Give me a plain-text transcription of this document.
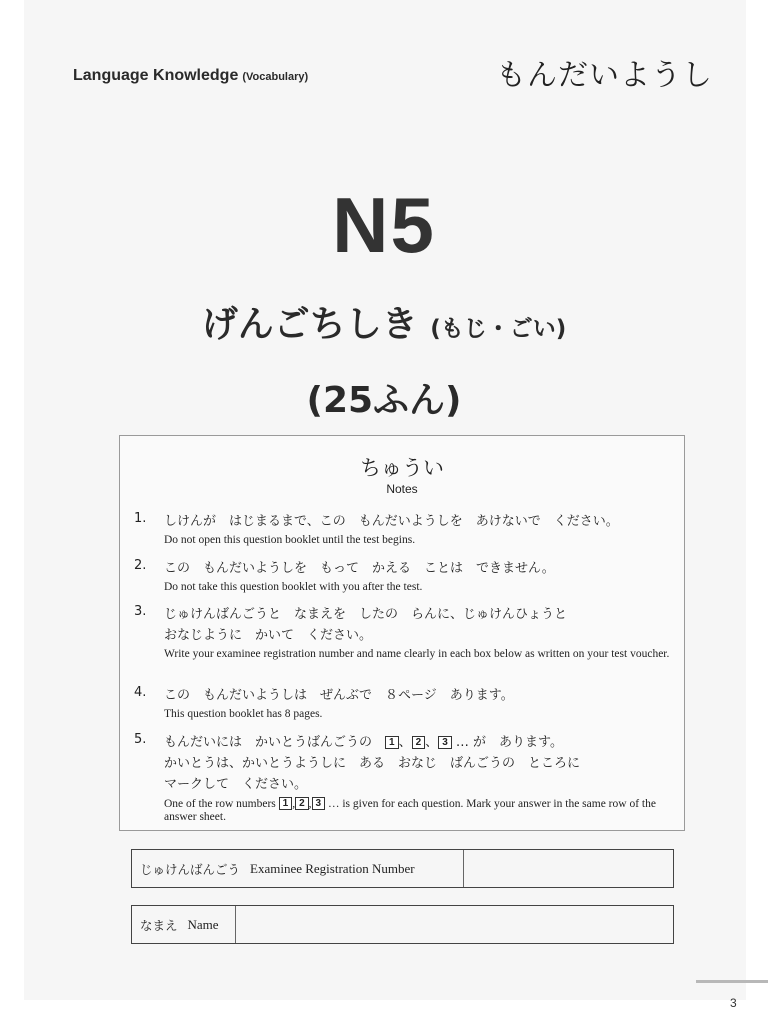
Language Knowledge (Vocabulary)	もんだいようし
N5
げんごちしき (もじ・ごい)
(25ふん)
ちゅうい
Notes
1.	しけんが　はじまるまで、この　もんだいようしを　あけないで　ください。
Do not open this question booklet until the test begins.
2.	この　もんだいようしを　もって　かえる　ことは　できません。
Do not take this question booklet with you after the test.
3.	じゅけんばんごうと　なまえを　したの　らんに、じゅけんひょうと
おなじように　かいて　ください。
Write your examinee registration number and name clearly in each box below as written on your test voucher.
4.	この　もんだいようしは　ぜんぶで　８ページ　あります。
This question booklet has 8 pages.
5.	もんだいには　かいとうばんごうの　 1 、 2 、 3 … が　あります。
かいとうは、かいとうようしに　ある　おなじ　ばんごうの　ところに
マークして　ください。
One of the row numbers 1 , 2 , 3 … is given for each question. Mark your answer in the same row of the answer sheet.
じゅけんばんごう Examinee Registration Number
なまえ Name
3
